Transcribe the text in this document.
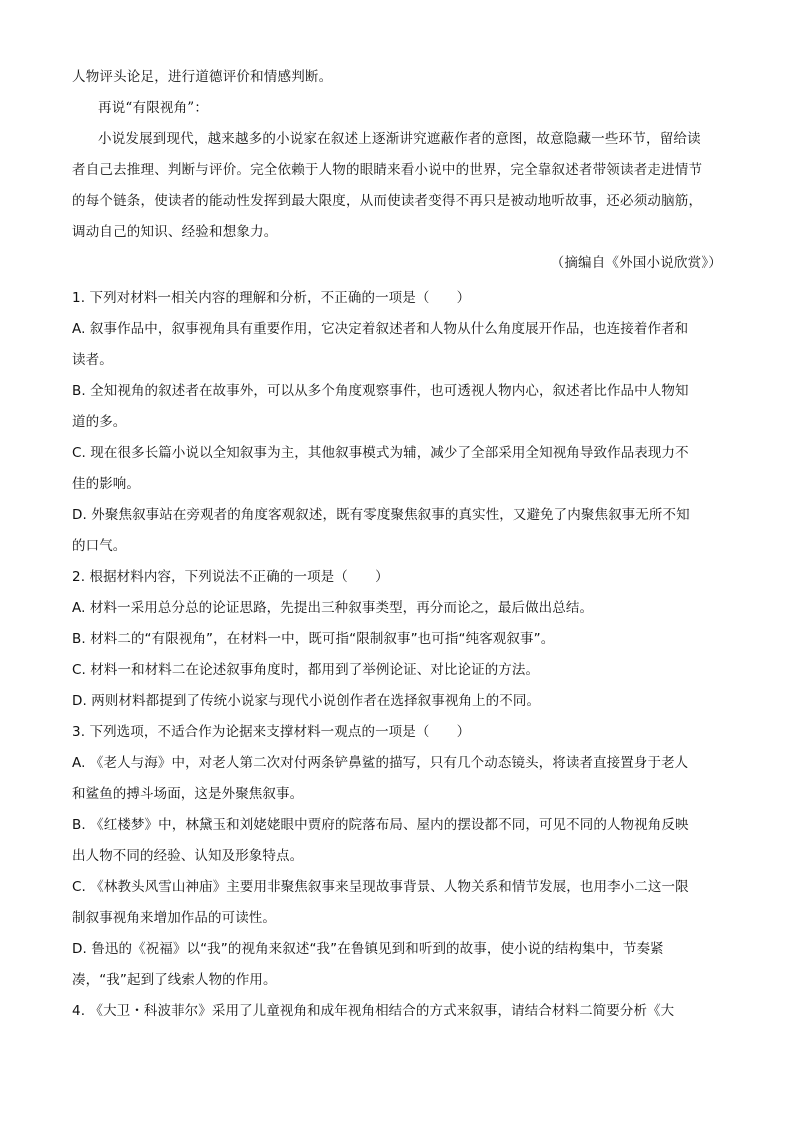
人物评头论足，进行道德评价和情感判断。
再说“有限视角”：
小说发展到现代，越来越多的小说家在叙述上逐渐讲究遮蔽作者的意图，故意隐藏一些环节，留给读
者自己去推理、判断与评价。完全依赖于人物的眼睛来看小说中的世界，完全靠叙述者带领读者走进情节
的每个链条，使读者的能动性发挥到最大限度，从而使读者变得不再只是被动地听故事，还必须动脑筋，
调动自己的知识、经验和想象力。
（摘编自《外国小说欣赏》）
1. 下列对材料一相关内容的理解和分析，不正确的一项是（　　）
A. 叙事作品中，叙事视角具有重要作用，它决定着叙述者和人物从什么角度展开作品，也连接着作者和
读者。
B. 全知视角的叙述者在故事外，可以从多个角度观察事件，也可透视人物内心，叙述者比作品中人物知
道的多。
C. 现在很多长篇小说以全知叙事为主，其他叙事模式为辅，减少了全部采用全知视角导致作品表现力不
佳的影响。
D. 外聚焦叙事站在旁观者的角度客观叙述，既有零度聚焦叙事的真实性，又避免了内聚焦叙事无所不知
的口气。
2. 根据材料内容，下列说法不正确的一项是（　　）
A. 材料一采用总分总的论证思路，先提出三种叙事类型，再分而论之，最后做出总结。
B. 材料二的“有限视角”，在材料一中，既可指“限制叙事”也可指“纯客观叙事”。
C. 材料一和材料二在论述叙事角度时，都用到了举例论证、对比论证的方法。
D. 两则材料都提到了传统小说家与现代小说创作者在选择叙事视角上的不同。
3. 下列选项，不适合作为论据来支撑材料一观点的一项是（　　）
A. 《老人与海》中，对老人第二次对付两条铲鼻鲨的描写，只有几个动态镜头，将读者直接置身于老人
和鲨鱼的搏斗场面，这是外聚焦叙事。
B. 《红楼梦》中，林黛玉和刘姥姥眼中贾府的院落布局、屋内的摆设都不同，可见不同的人物视角反映
出人物不同的经验、认知及形象特点。
C. 《林教头风雪山神庙》主要用非聚焦叙事来呈现故事背景、人物关系和情节发展，也用李小二这一限
制叙事视角来增加作品的可读性。
D. 鲁迅的《祝福》以“我”的视角来叙述“我”在鲁镇见到和听到的故事，使小说的结构集中，节奏紧
凑，“我”起到了线索人物的作用。
4. 《大卫・科波菲尔》采用了儿童视角和成年视角相结合的方式来叙事，请结合材料二简要分析《大
